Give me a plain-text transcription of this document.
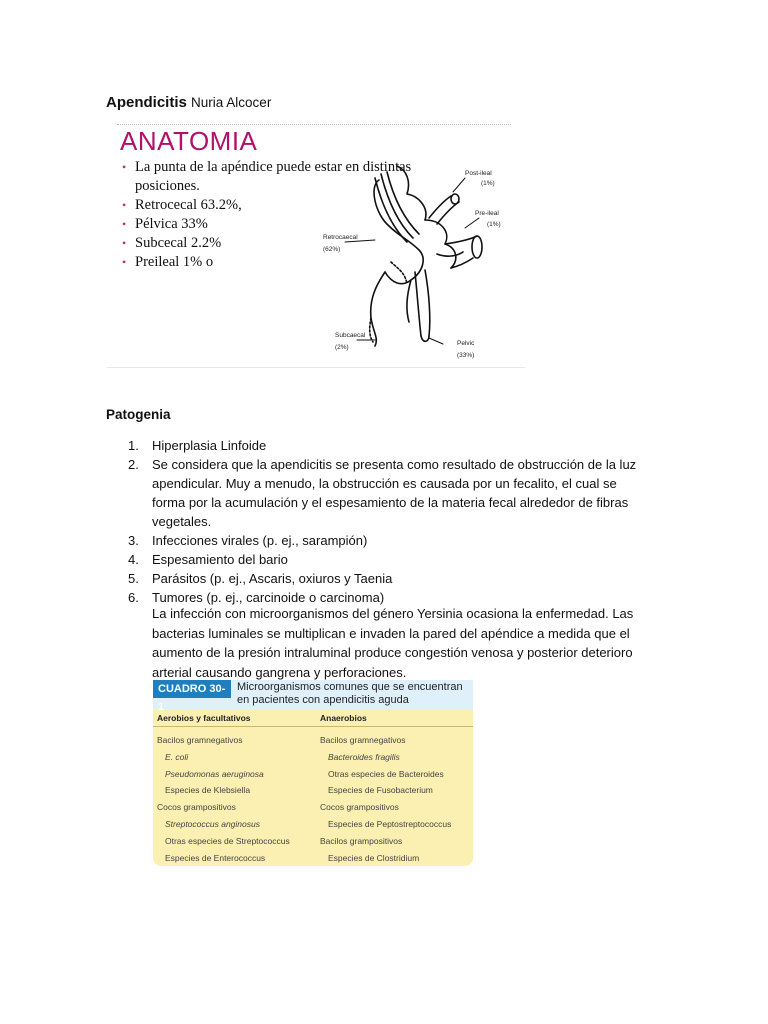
Apendicitis Nuria Alcocer
ANATOMIA
• La punta de la apéndice puede estar en distintas
posiciones.
• Retrocecal 63.2%,
• Pélvica 33%
• Subcecal 2.2%
• Preileal 1% o
Post-ileal
(1%)
Pre-ileal
(1%)
Retrocaecal
(62%)
Subcaecal
(2%)
Pelvic
(33%)
Patogenia
1. Hiperplasia Linfoide
2. Se considera que la apendicitis se presenta como resultado de obstrucción de la luz apendicular. Muy a menudo, la obstrucción es causada por un fecalito, el cual se forma por la acumulación y el espesamiento de la materia fecal alrededor de fibras vegetales.
3. Infecciones virales (p. ej., sarampión)
4. Espesamiento del bario
5. Parásitos (p. ej., Ascaris, oxiuros y Taenia
6. Tumores (p. ej., carcinoide o carcinoma)

La infección con microorganismos del género Yersinia ocasiona la enfermedad. Las bacterias luminales se multiplican e invaden la pared del apéndice a medida que el aumento de la presión intraluminal produce congestión venosa y posterior deterioro arterial causando gangrena y perforaciones.

CUADRO 30-1
Microorganismos comunes que se encuentran en pacientes con apendicitis aguda
Aerobios y facultativos	Anaerobios
Bacilos gramnegativos
E. coli
Pseudomonas aeruginosa
Especies de Klebsiella
Cocos grampositivos
Streptococcus anginosus
Otras especies de Streptococcus
Especies de Enterococcus
Bacilos gramnegativos
Bacteroides fragilis
Otras especies de Bacteroides
Especies de Fusobacterium
Cocos grampositivos
Especies de Peptostreptococcus
Bacilos grampositivos
Especies de Clostridium
